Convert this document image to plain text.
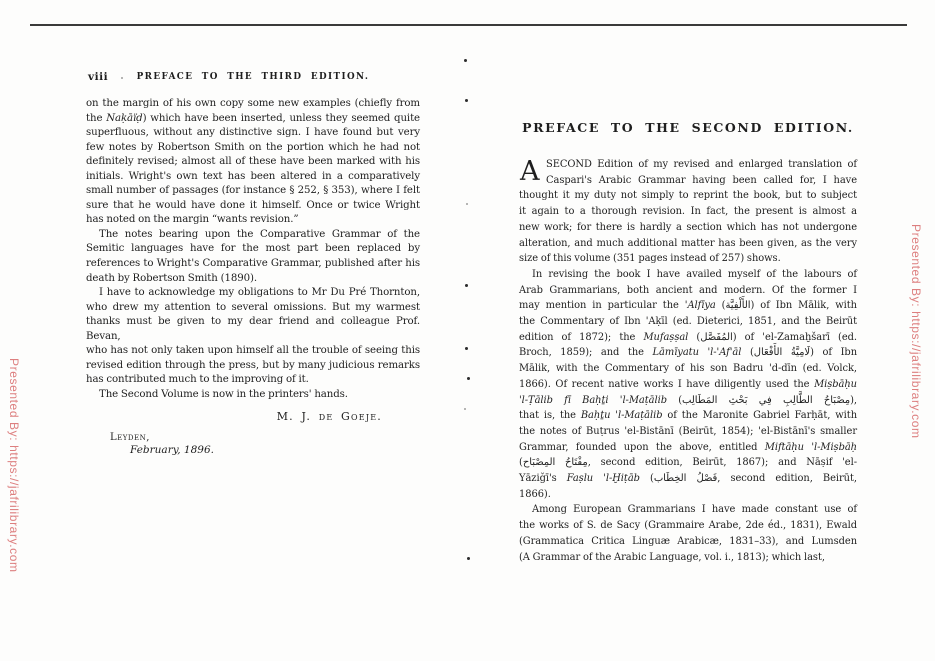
Presented By: https://jafrilibrary.com
Presented By: https://jafrilibrary.com
viii	PREFACE TO THE THIRD EDITION.
on the margin of his own copy some new examples (chiefly from
the Naḳāïḍ) which have been inserted, unless they seemed quite
superfluous, without any distinctive sign. I have found but very
few notes by Robertson Smith on the portion which he had not
definitely revised; almost all of these have been marked with his
initials. Wright's own text has been altered in a comparatively
small number of passages (for instance § 252, § 353), where I felt
sure that he would have done it himself. Once or twice Wright
has noted on the margin “wants revision.”
The notes bearing upon the Comparative Grammar of the
Semitic languages have for the most part been replaced by
references to Wright's Comparative Grammar, published after his
death by Robertson Smith (1890).
I have to acknowledge my obligations to Mr Du Pré Thornton,
who drew my attention to several omissions. But my warmest
thanks must be given to my dear friend and colleague Prof. Bevan,
who has not only taken upon himself all the trouble of seeing this
revised edition through the press, but by many judicious remarks
has contributed much to the improving of it.
The Second Volume is now in the printers' hands.
M. J. de Goeje.
Leyden,
February, 1896.
PREFACE TO THE SECOND EDITION.
A SECOND Edition of my revised and enlarged translation of
Caspari's Arabic Grammar having been called for, I have
thought it my duty not simply to reprint the book, but to subject
it again to a thorough revision. In fact, the present is almost a
new work; for there is hardly a section which has not undergone
alteration, and much additional matter has been given, as the very
size of this volume (351 pages instead of 257) shows.
In revising the book I have availed myself of the labours of
Arab Grammarians, both ancient and modern. Of the former I
may mention in particular the 'Alfīya (الأَلْفِيَّة) of Ibn Mālik, with
the Commentary of Ibn 'Aḳīl (ed. Dieterici, 1851, and the Beirūt
edition of 1872); the Mufaṣṣal (المُفَصَّل) of 'el-Zamaḫšarī (ed.
Broch, 1859); and the Lāmīyatu 'l-'Af'āl (لَامِيَّةُ الأَفْعَال) of Ibn
Mālik, with the Commentary of his son Badru 'd-dīn (ed. Volck,
1866). Of recent native works I have diligently used the Miṣbāḥu
'l-Ṭālib fī Baḥṯi 'l-Maṭālib (مِصْبَاحُ الطَّالِبِ فِي بَحْثِ المَطَالِب),
that is, the Baḥṯu 'l-Maṭālib of the Maronite Gabriel Farḥāt, with
the notes of Buṭrus 'el-Bistānī (Beirūt, 1854); 'el-Bistānī's smaller
Grammar, founded upon the above, entitled Miftāḥu 'l-Miṣbāḥ
(مِفْتَاحُ المِصْبَاح, second edition, Beirūt, 1867); and Nāṣif 'el-
Yāziǧī's Faṣlu 'l-Ḫiṭāb (فَصْلُ الخِطَاب, second edition, Beirūt,
1866).
Among European Grammarians I have made constant use of
the works of S. de Sacy (Grammaire Arabe, 2de éd., 1831), Ewald
(Grammatica Critica Linguæ Arabicæ, 1831–33), and Lumsden
(A Grammar of the Arabic Language, vol. i., 1813); which last,
